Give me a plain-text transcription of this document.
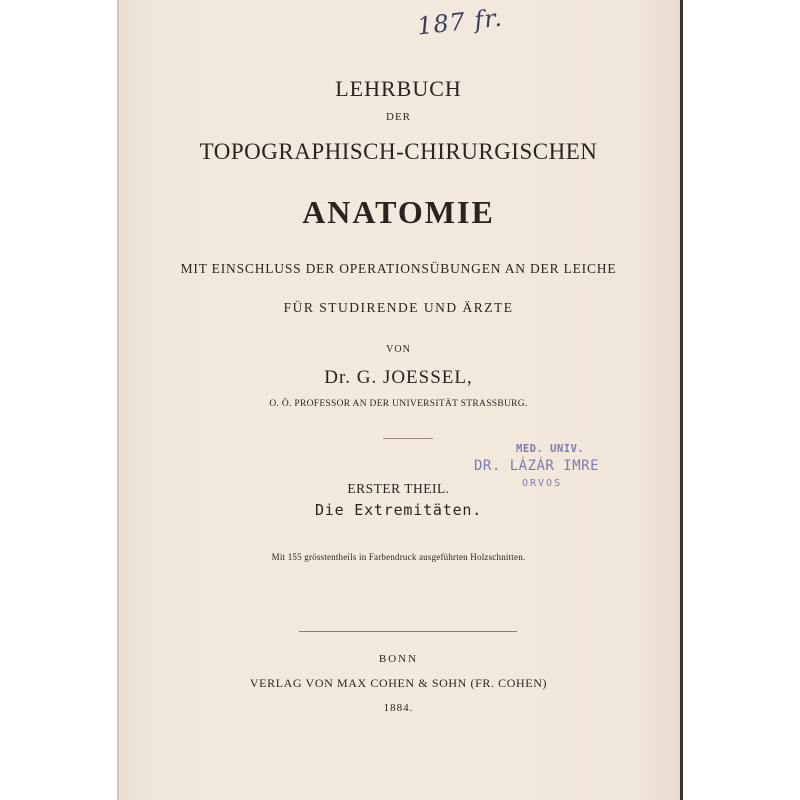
187 fr.
LEHRBUCH
DER
TOPOGRAPHISCH-CHIRURGISCHEN
ANATOMIE
MIT EINSCHLUSS DER OPERATIONSÜBUNGEN AN DER LEICHE
FÜR STUDIRENDE UND ÄRZTE
VON
Dr. G. JOESSEL,
O. Ö. PROFESSOR AN DER UNIVERSITÄT STRASSBURG.
MED. UNIV.
DR. LÁZÁR IMRE
ORVOS
ERSTER THEIL.
Die Extremitäten.
Mit 155 grösstentheils in Farbendruck ausgeführten Holzschnitten.
BONN
VERLAG VON MAX COHEN & SOHN (FR. COHEN)
1884.
